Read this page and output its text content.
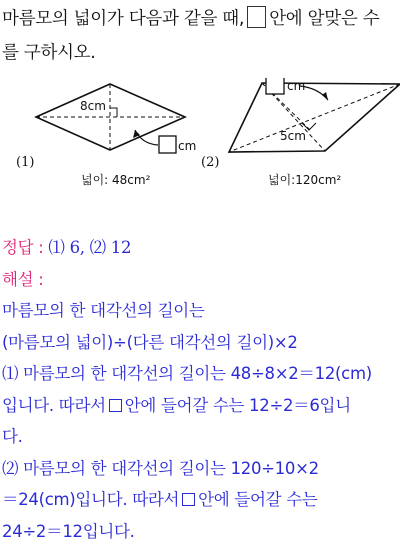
마름모의 넓이가 다음과 같을 때, 안에 알맞은 수
를 구하시오.
8cm
cm
(1)
넓이: 48cm²
cm
5cm
(2)
넓이:120cm²
정답 : ⑴ 6, ⑵ 12
해설 :
마름모의 한 대각선의 길이는
(마름모의 넓이)÷(다른 대각선의 길이)×2
⑴ 마름모의 한 대각선의 길이는 48÷8×2＝12(cm)
입니다. 따라서 안에 들어갈 수는 12÷2＝6입니
다.
⑵ 마름모의 한 대각선의 길이는 120÷10×2
＝24(cm)입니다. 따라서 안에 들어갈 수는
24÷2＝12입니다.
